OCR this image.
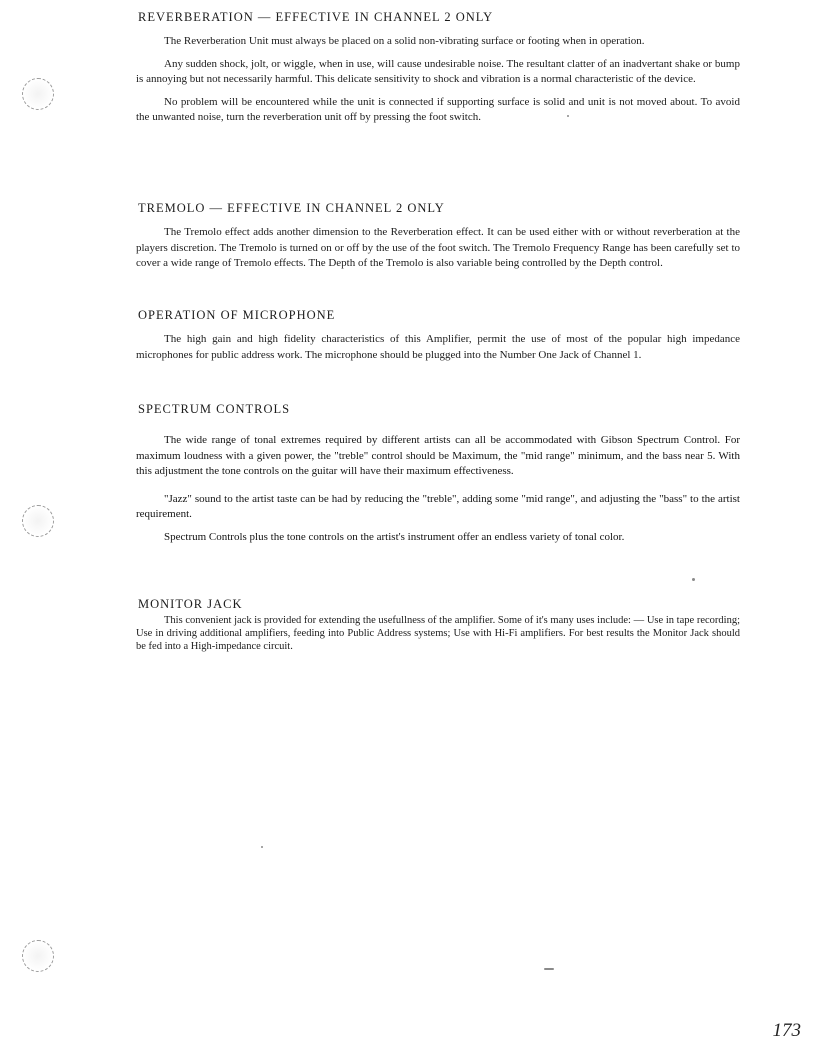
REVERBERATION — EFFECTIVE IN CHANNEL 2 ONLY

The Reverberation Unit must always be placed on a solid non-vibrating surface or footing when in operation.

Any sudden shock, jolt, or wiggle, when in use, will cause undesirable noise. The resultant clatter of an inadvertant shake or bump is annoying but not necessarily harmful. This delicate sensitivity to shock and vibration is a normal characteristic of the device.

No problem will be encountered while the unit is connected if supporting surface is solid and unit is not moved about. To avoid the unwanted noise, turn the reverberation unit off by pressing the foot switch.

TREMOLO — EFFECTIVE IN CHANNEL 2 ONLY

The Tremolo effect adds another dimension to the Reverberation effect. It can be used either with or without reverberation at the players discretion. The Tremolo is turned on or off by the use of the foot switch. The Tremolo Frequency Range has been carefully set to cover a wide range of Tremolo effects. The Depth of the Tremolo is also variable being controlled by the Depth control.

OPERATION OF MICROPHONE

The high gain and high fidelity characteristics of this Amplifier, permit the use of most of the popular high impedance microphones for public address work. The microphone should be plugged into the Number One Jack of Channel 1.

SPECTRUM CONTROLS

The wide range of tonal extremes required by different artists can all be accommodated with Gibson Spectrum Control. For maximum loudness with a given power, the "treble" control should be Maximum, the "mid range" minimum, and the bass near 5. With this adjustment the tone controls on the guitar will have their maximum effectiveness.

"Jazz" sound to the artist taste can be had by reducing the "treble", adding some "mid range", and adjusting the "bass" to the artist requirement.

Spectrum Controls plus the tone controls on the artist's instrument offer an endless variety of tonal color.

MONITOR JACK

This convenient jack is provided for extending the usefullness of the amplifier. Some of it's many uses include: — Use in tape recording; Use in driving additional amplifiers, feeding into Public Address systems; Use with Hi-Fi amplifiers. For best results the Monitor Jack should be fed into a High-impedance circuit.

173
